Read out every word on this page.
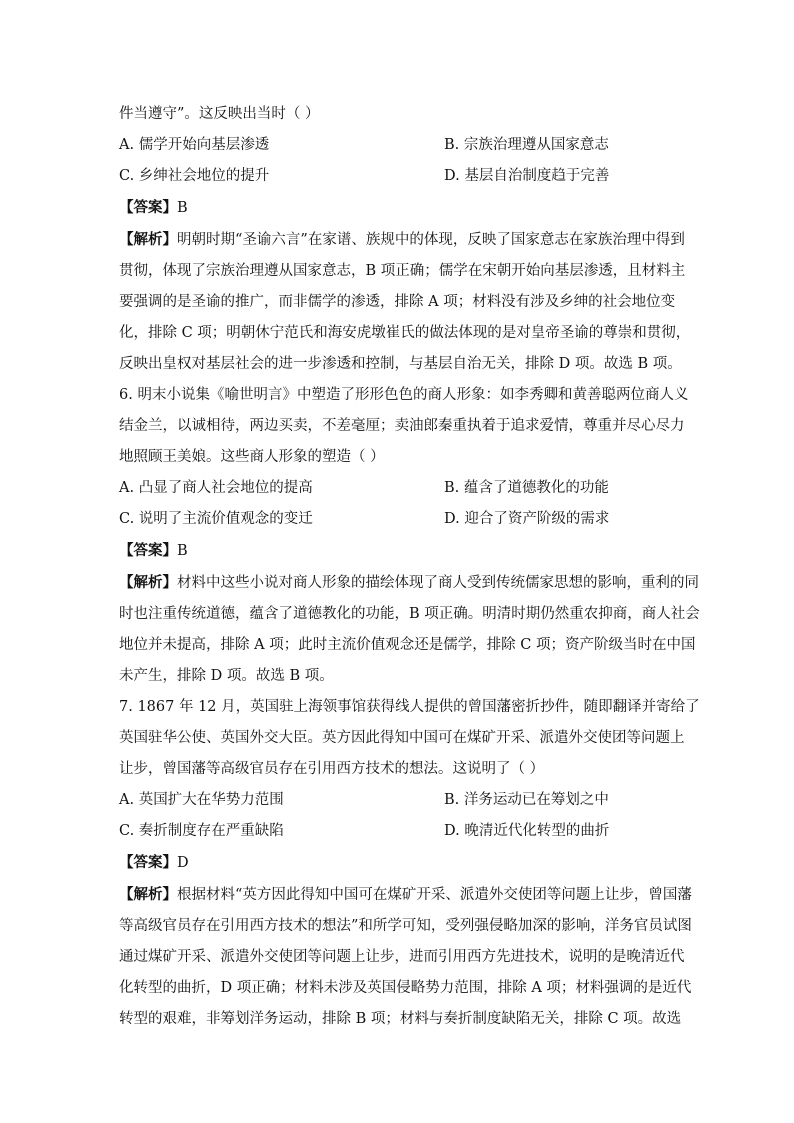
件当遵守”。这反映出当时（ ）
A. 儒学开始向基层渗透	B. 宗族治理遵从国家意志
C. 乡绅社会地位的提升	D. 基层自治制度趋于完善
【答案】B
【解析】明朝时期“圣谕六言”在家谱、族规中的体现，反映了国家意志在家族治理中得到
贯彻，体现了宗族治理遵从国家意志，B 项正确；儒学在宋朝开始向基层渗透，且材料主
要强调的是圣谕的推广，而非儒学的渗透，排除 A 项；材料没有涉及乡绅的社会地位变
化，排除 C 项；明朝休宁范氏和海安虎墩崔氏的做法体现的是对皇帝圣谕的尊崇和贯彻，
反映出皇权对基层社会的进一步渗透和控制，与基层自治无关，排除 D 项。故选 B 项。
6. 明末小说集《喻世明言》中塑造了形形色色的商人形象：如李秀卿和黄善聪两位商人义
结金兰，以诚相待，两边买卖，不差毫厘；卖油郎秦重执着于追求爱情，尊重并尽心尽力
地照顾王美娘。这些商人形象的塑造（ ）
A. 凸显了商人社会地位的提高	B. 蕴含了道德教化的功能
C. 说明了主流价值观念的变迁	D. 迎合了资产阶级的需求
【答案】B
【解析】材料中这些小说对商人形象的描绘体现了商人受到传统儒家思想的影响，重利的同
时也注重传统道德，蕴含了道德教化的功能，B 项正确。明清时期仍然重农抑商，商人社会
地位并未提高，排除 A 项；此时主流价值观念还是儒学，排除 C 项；资产阶级当时在中国
未产生，排除 D 项。故选 B 项。
7. 1867 年 12 月，英国驻上海领事馆获得线人提供的曾国藩密折抄件，随即翻译并寄给了
英国驻华公使、英国外交大臣。英方因此得知中国可在煤矿开采、派遣外交使团等问题上
让步，曾国藩等高级官员存在引用西方技术的想法。这说明了（ ）
A. 英国扩大在华势力范围	B. 洋务运动已在筹划之中
C. 奏折制度存在严重缺陷	D. 晚清近代化转型的曲折
【答案】D
【解析】根据材料“英方因此得知中国可在煤矿开采、派遣外交使团等问题上让步，曾国藩
等高级官员存在引用西方技术的想法”和所学可知，受列强侵略加深的影响，洋务官员试图
通过煤矿开采、派遣外交使团等问题上让步，进而引用西方先进技术，说明的是晚清近代
化转型的曲折，D 项正确；材料未涉及英国侵略势力范围，排除 A 项；材料强调的是近代
转型的艰难，非筹划洋务运动，排除 B 项；材料与奏折制度缺陷无关，排除 C 项。故选
